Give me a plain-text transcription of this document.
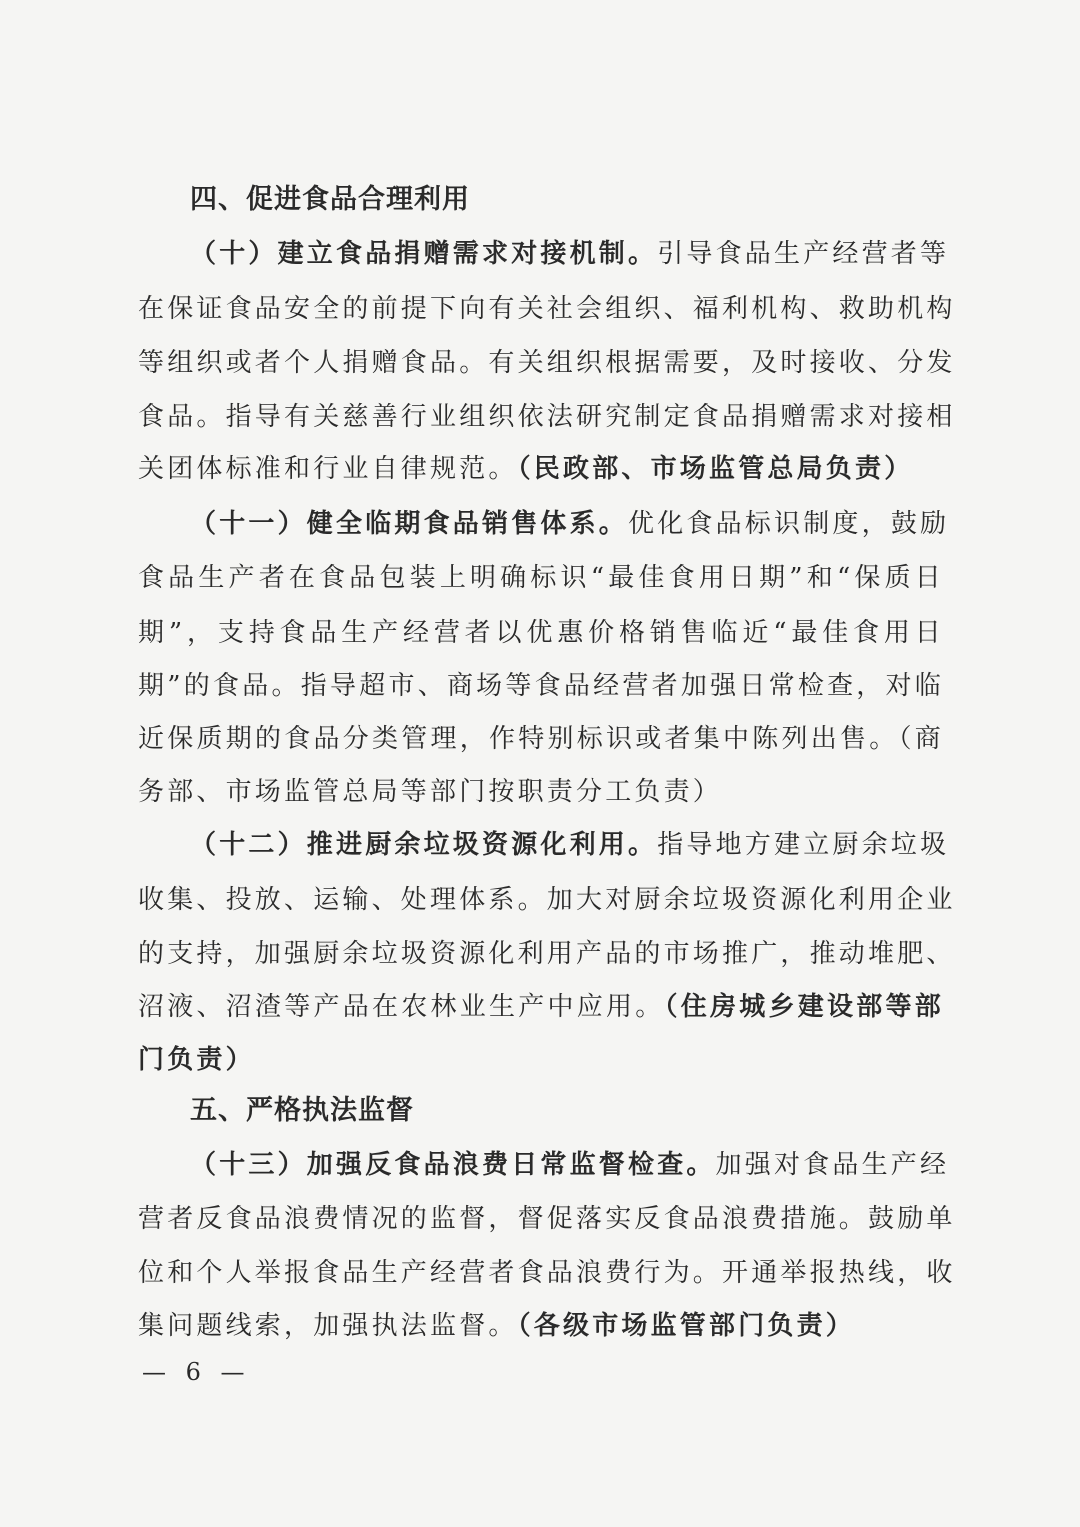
四、促进食品合理利用
（十）建立食品捐赠需求对接机制。引导食品生产经营者等
在保证食品安全的前提下向有关社会组织、福利机构、救助机构
等组织或者个人捐赠食品。有关组织根据需要，及时接收、分发
食品。指导有关慈善行业组织依法研究制定食品捐赠需求对接相
关团体标准和行业自律规范。（民政部、市场监管总局负责）
（十一）健全临期食品销售体系。优化食品标识制度，鼓励
食品生产者在食品包装上明确标识“最佳食用日期”和“保质日
期”，支持食品生产经营者以优惠价格销售临近“最佳食用日
期”的食品。指导超市、商场等食品经营者加强日常检查，对临
近保质期的食品分类管理，作特别标识或者集中陈列出售。（商
务部、市场监管总局等部门按职责分工负责）
（十二）推进厨余垃圾资源化利用。指导地方建立厨余垃圾
收集、投放、运输、处理体系。加大对厨余垃圾资源化利用企业
的支持，加强厨余垃圾资源化利用产品的市场推广，推动堆肥、
沼液、沼渣等产品在农林业生产中应用。（住房城乡建设部等部
门负责）
五、严格执法监督
（十三）加强反食品浪费日常监督检查。加强对食品生产经
营者反食品浪费情况的监督，督促落实反食品浪费措施。鼓励单
位和个人举报食品生产经营者食品浪费行为。开通举报热线，收
集问题线索，加强执法监督。（各级市场监管部门负责）
— 6 —
